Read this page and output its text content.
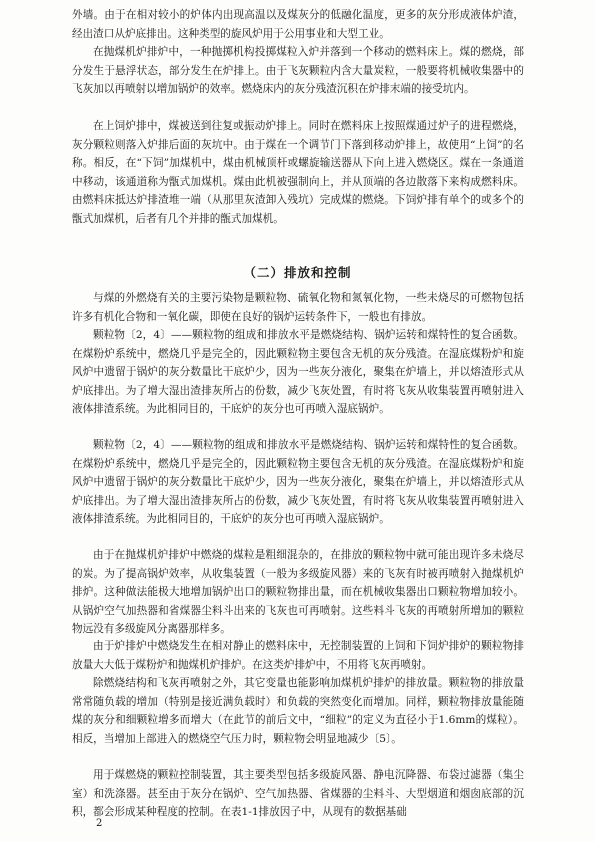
外墙。由于在相对较小的炉体内出现高温以及煤灰分的低融化温度，更多的灰分形成液体炉渣，经出渣口从炉底排出。这种类型的旋风炉用于公用事业和大型工业。

在抛煤机炉排炉中，一种抛掷机构投掷煤粒入炉并落到一个移动的燃料床上。煤的燃烧，部分发生于悬浮状态，部分发生在炉排上。由于飞灰颗粒内含大量炭粒，一般要将机械收集器中的飞灰加以再喷射以增加锅炉的效率。燃烧床内的灰分残渣沉积在炉排末端的接受坑内。

在上饲炉排中，煤被送到往复或振动炉排上。同时在燃料床上按照煤通过炉子的进程燃烧，灰分颗粒则落入炉排后面的灰坑中。由于煤在一个调节门下落到移动炉排上，故使用“上饲”的名称。相反，在“下饲”加煤机中，煤由机械顶杆或螺旋输送器从下向上进入燃烧区。煤在一条通道中移动，该通道称为甑式加煤机。煤由此机被强制向上，并从顶端的各边散落下来构成燃料床。由燃料床抵达炉排渣堆一端（从那里灰渣卸入残坑）完成煤的燃烧。下饲炉排有单个的或多个的甑式加煤机，后者有几个并排的甑式加煤机。

（二）排放和控制

与煤的外燃烧有关的主要污染物是颗粒物、硫氧化物和氮氧化物，一些未烧尽的可燃物包括许多有机化合物和一氧化碳，即使在良好的锅炉运转条件下，一般也有排放。

颗粒物〔2，4〕——颗粒物的组成和排放水平是燃烧结构、锅炉运转和煤特性的复合函数。在煤粉炉系统中，燃烧几乎是完全的，因此颗粒物主要包含无机的灰分残渣。在湿底煤粉炉和旋风炉中遗留于锅炉的灰分数量比干底炉少，因为一些灰分液化，聚集在炉墙上，并以熔渣形式从炉底排出。为了增大湿出渣排灰所占的份数，减少飞灰处置，有时将飞灰从收集装置再喷射进入液体排渣系统。为此相同目的，干底炉的灰分也可再喷入湿底锅炉。

颗粒物〔2，4〕——颗粒物的组成和排放水平是燃烧结构、锅炉运转和煤特性的复合函数。在煤粉炉系统中，燃烧几乎是完全的，因此颗粒物主要包含无机的灰分残渣。在湿底煤粉炉和旋风炉中遗留于锅炉的灰分数量比干底炉少，因为一些灰分液化，聚集在炉墙上，并以熔渣形式从炉底排出。为了增大湿出渣排灰所占的份数，减少飞灰处置，有时将飞灰从收集装置再喷射进入液体排渣系统。为此相同目的，干底炉的灰分也可再喷入湿底锅炉。

由于在抛煤机炉排炉中燃烧的煤粒是粗细混杂的，在排放的颗粒物中就可能出现许多未烧尽的炭。为了提高锅炉效率，从收集装置（一般为多级旋风器）来的飞灰有时被再喷射入抛煤机炉排炉。这种做法能极大地增加锅炉出口的颗粒物排出量，而在机械收集器出口颗粒物增加较小。从锅炉空气加热器和省煤器尘料斗出来的飞灰也可再喷射。这些料斗飞灰的再喷射所增加的颗粒物远没有多级旋风分离器那样多。

由于炉排炉中燃烧发生在相对静止的燃料床中，无控制装置的上饲和下饲炉排炉的颗粒物排放量大大低于煤粉炉和抛煤机炉排炉。在这类炉排炉中，不用将飞灰再喷射。

除燃烧结构和飞灰再喷射之外，其它变量也能影响加煤机炉排炉的排放量。颗粒物的排放量常常随负载的增加（特别是接近满负载时）和负载的突然变化而增加。同样，颗粒物排放量能随煤的灰分和细颗粒增多而增大（在此节的前后文中，“细粒”的定义为直径小于1.6mm的煤粒）。相反，当增加上部进入的燃烧空气压力时，颗粒物会明显地减少〔5〕。

用于煤燃烧的颗粒控制装置，其主要类型包括多级旋风器、静电沉降器、布袋过滤器（集尘室）和洗涤器。甚至由于灰分在锅炉、空气加热器、省煤器的尘料斗、大型烟道和烟囱底部的沉积，都会形成某种程度的控制。在表1-1排放因子中，从现有的数据基础

2
